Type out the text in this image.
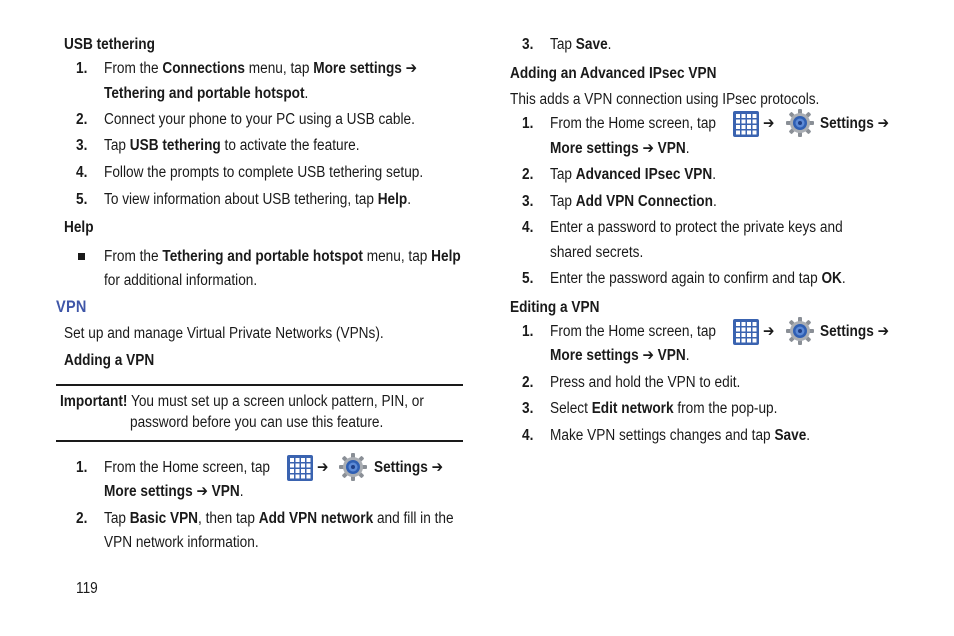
USB tethering
1. From the Connections menu, tap More settings ➔
Tethering and portable hotspot.
2. Connect your phone to your PC using a USB cable.
3. Tap USB tethering to activate the feature.
4. Follow the prompts to complete USB tethering setup.
5. To view information about USB tethering, tap Help.
Help
From the Tethering and portable hotspot menu, tap Help
for additional information.
VPN
Set up and manage Virtual Private Networks (VPNs).
Adding a VPN
Important! You must set up a screen unlock pattern, PIN, or
password before you can use this feature.
1. From the Home screen, tap	➔	Settings ➔
More settings ➔ VPN.
2. Tap Basic VPN, then tap Add VPN network and fill in the
VPN network information.
119
3. Tap Save.
Adding an Advanced IPsec VPN
This adds a VPN connection using IPsec protocols.
1. From the Home screen, tap	➔	Settings ➔
More settings ➔ VPN.
2. Tap Advanced IPsec VPN.
3. Tap Add VPN Connection.
4. Enter a password to protect the private keys and
shared secrets.
5. Enter the password again to confirm and tap OK.
Editing a VPN
1. From the Home screen, tap	➔	Settings ➔
More settings ➔ VPN.
2. Press and hold the VPN to edit.
3. Select Edit network from the pop-up.
4. Make VPN settings changes and tap Save.
